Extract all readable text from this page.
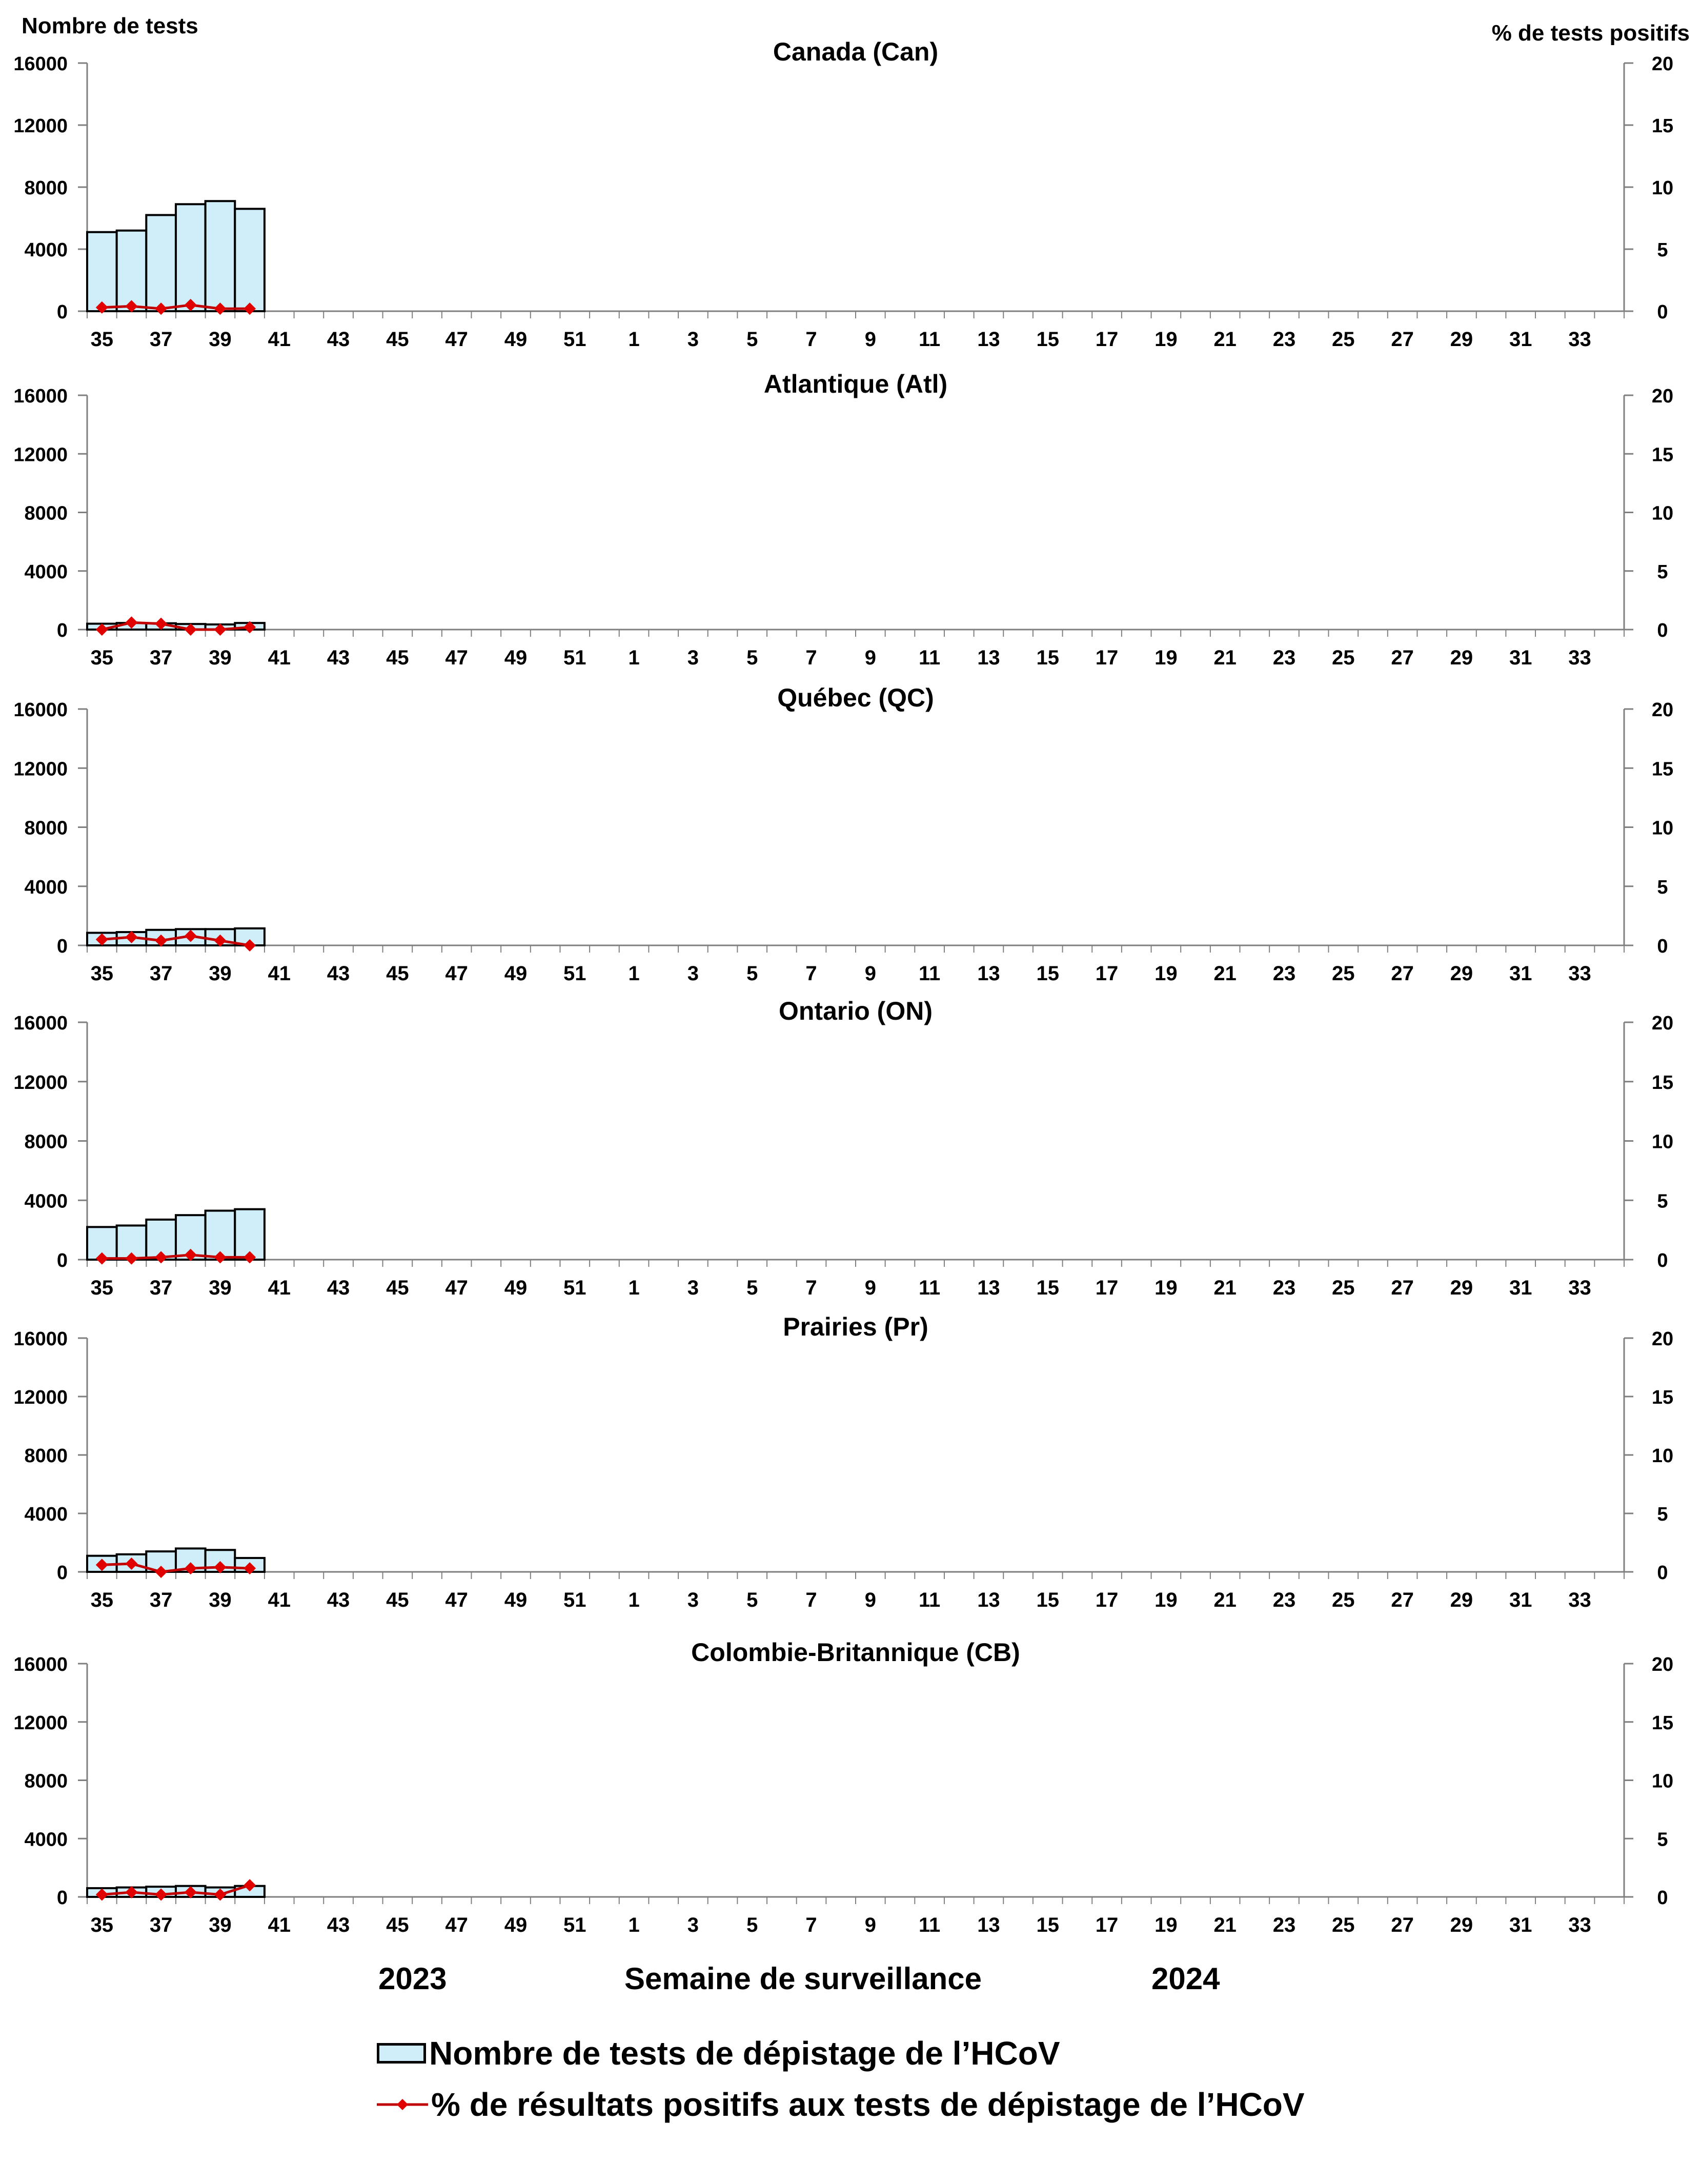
Nombre de tests	% de tests positifs
Canada (Can)
0
4000
8000
12000
16000
0
5
10
15
20
35 37 39 41 43 45 47 49 51 1 3 5 7 9 11 13 15 17 19 21 23 25 27 29 31 33
Atlantique (Atl)
0
4000
8000
12000
16000
0
5
10
15
20
35 37 39 41 43 45 47 49 51 1 3 5 7 9 11 13 15 17 19 21 23 25 27 29 31 33
Québec (QC)
0
4000
8000
12000
16000
0
5
10
15
20
35 37 39 41 43 45 47 49 51 1 3 5 7 9 11 13 15 17 19 21 23 25 27 29 31 33
Ontario (ON)
0
4000
8000
12000
16000
0
5
10
15
20
35 37 39 41 43 45 47 49 51 1 3 5 7 9 11 13 15 17 19 21 23 25 27 29 31 33
Prairies (Pr)
0
4000
8000
12000
16000
0
5
10
15
20
35 37 39 41 43 45 47 49 51 1 3 5 7 9 11 13 15 17 19 21 23 25 27 29 31 33
Colombie-Britannique (CB)
0
4000
8000
12000
16000
0
5
10
15
20
35 37 39 41 43 45 47 49 51 1 3 5 7 9 11 13 15 17 19 21 23 25 27 29 31 33
2023	Semaine de surveillance	2024
Nombre de tests de dépistage de l’HCoV
% de résultats positifs aux tests de dépistage de l’HCoV
